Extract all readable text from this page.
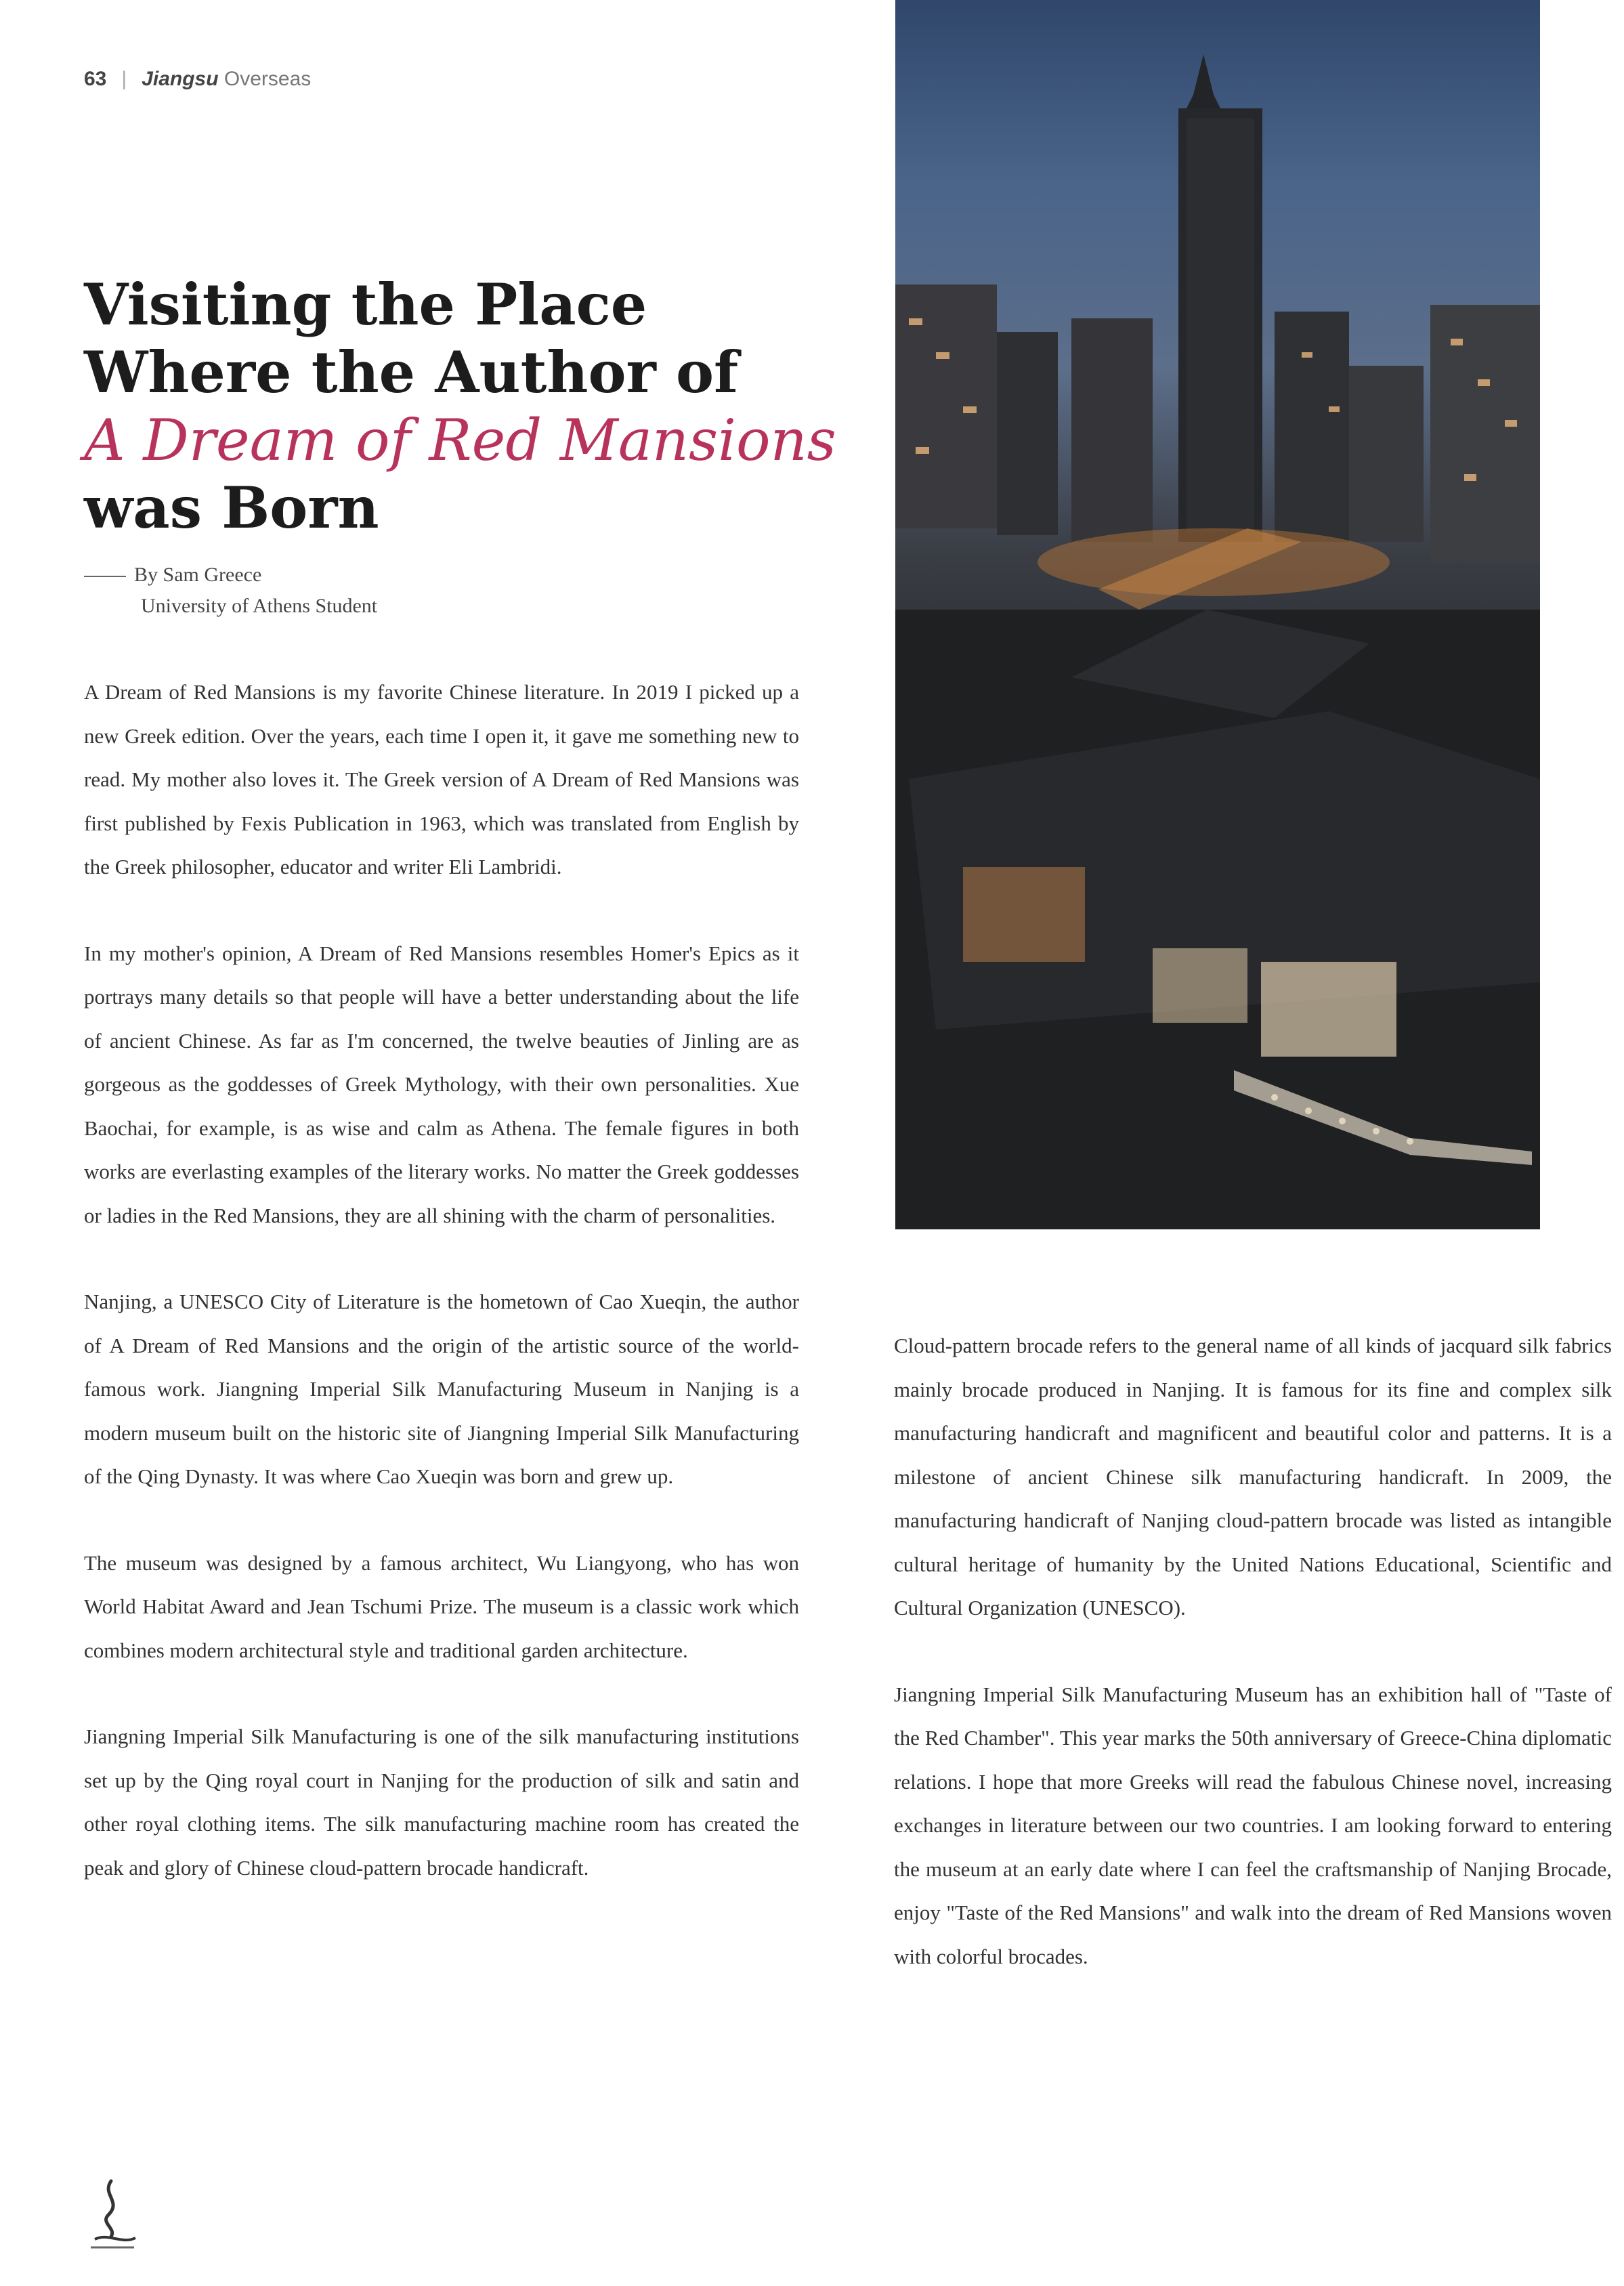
63 | Jiangsu Overseas
Visiting the Place
Where the Author of
A Dream of Red Mansions
was Born
By Sam Greece
University of Athens Student

A Dream of Red Mansions is my favorite Chinese literature. In 2019 I picked up a new Greek edition. Over the years, each time I open it, it gave me something new to read. My mother also loves it. The Greek version of A Dream of Red Mansions was first published by Fexis Publication in 1963, which was translated from English by the Greek philosopher, educator and writer Eli Lambridi.

In my mother's opinion, A Dream of Red Mansions resembles Homer's Epics as it portrays many details so that people will have a better understanding about the life of ancient Chinese. As far as I'm concerned, the twelve beauties of Jinling are as gorgeous as the goddesses of Greek Mythology, with their own personalities. Xue Baochai, for example, is as wise and calm as Athena. The female figures in both works are everlasting examples of the literary works. No matter the Greek goddesses or ladies in the Red Mansions, they are all shining with the charm of personalities.

Nanjing, a UNESCO City of Literature is the hometown of Cao Xueqin, the author of A Dream of Red Mansions and the origin of the artistic source of the world-famous work. Jiangning Imperial Silk Manufacturing Museum in Nanjing is a modern museum built on the historic site of Jiangning Imperial Silk Manufacturing of the Qing Dynasty. It was where Cao Xueqin was born and grew up.

The museum was designed by a famous architect, Wu Liangyong, who has won World Habitat Award and Jean Tschumi Prize. The museum is a classic work which combines modern architectural style and traditional garden architecture.

Jiangning Imperial Silk Manufacturing is one of the silk manufacturing institutions set up by the Qing royal court in Nanjing for the production of silk and satin and other royal clothing items. The silk manufacturing machine room has created the peak and glory of Chinese cloud-pattern brocade handicraft.

Cloud-pattern brocade refers to the general name of all kinds of jacquard silk fabrics mainly brocade produced in Nanjing. It is famous for its fine and complex silk manufacturing handicraft and magnificent and beautiful color and patterns. It is a milestone of ancient Chinese silk manufacturing handicraft. In 2009, the manufacturing handicraft of Nanjing cloud-pattern brocade was listed as intangible cultural heritage of humanity by the United Nations Educational, Scientific and Cultural Organization (UNESCO).

Jiangning Imperial Silk Manufacturing Museum has an exhibition hall of "Taste of the Red Chamber". This year marks the 50th anniversary of Greece-China diplomatic relations. I hope that more Greeks will read the fabulous Chinese novel, increasing exchanges in literature between our two countries. I am looking forward to entering the museum at an early date where I can feel the craftsmanship of Nanjing Brocade, enjoy "Taste of the Red Mansions" and walk into the dream of Red Mansions woven with colorful brocades.
